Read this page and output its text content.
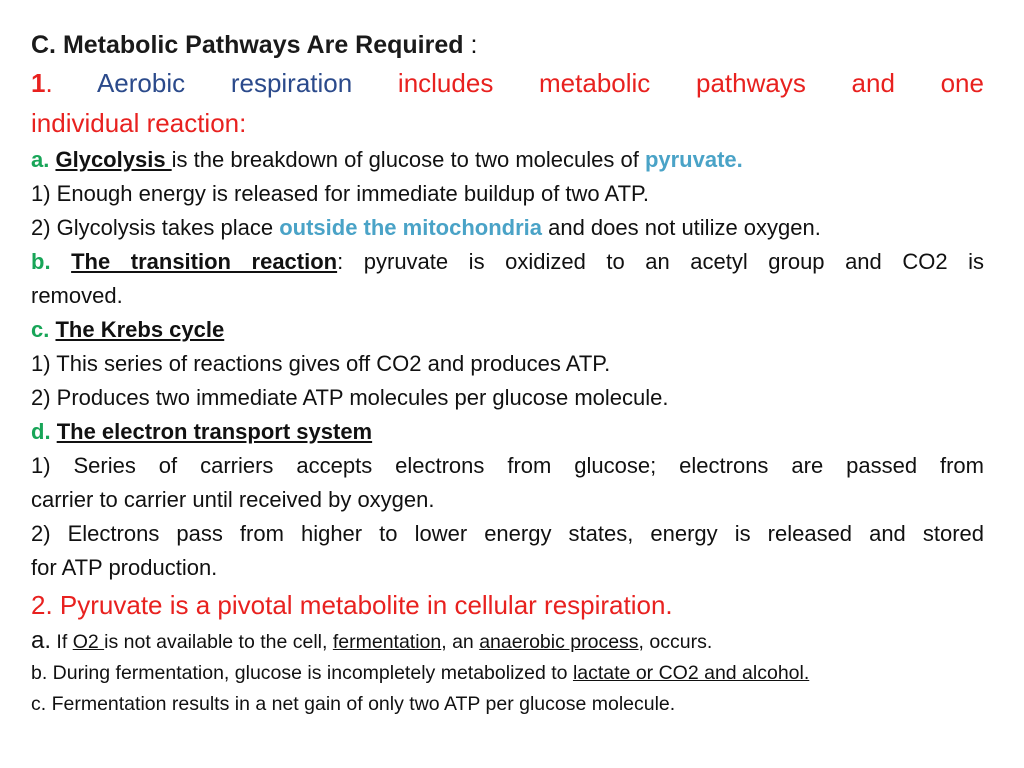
C. Metabolic Pathways Are Required :
1. Aerobic respiration includes metabolic pathways and one
individual reaction:
a. Glycolysis is the breakdown of glucose to two molecules of pyruvate.
1) Enough energy is released for immediate buildup of two ATP.
2) Glycolysis takes place outside the mitochondria and does not utilize oxygen.
b. The transition reaction: pyruvate is oxidized to an acetyl group and CO2 is
removed.
c. The Krebs cycle
1) This series of reactions gives off CO2 and produces ATP.
2) Produces two immediate ATP molecules per glucose molecule.
d. The electron transport system
1) Series of carriers accepts electrons from glucose; electrons are passed from
carrier to carrier until received by oxygen.
2) Electrons pass from higher to lower energy states, energy is released and stored
for ATP production.
2. Pyruvate is a pivotal metabolite in cellular respiration.
a. If O2 is not available to the cell, fermentation, an anaerobic process, occurs.
b. During fermentation, glucose is incompletely metabolized to lactate or CO2 and alcohol.
c. Fermentation results in a net gain of only two ATP per glucose molecule.
